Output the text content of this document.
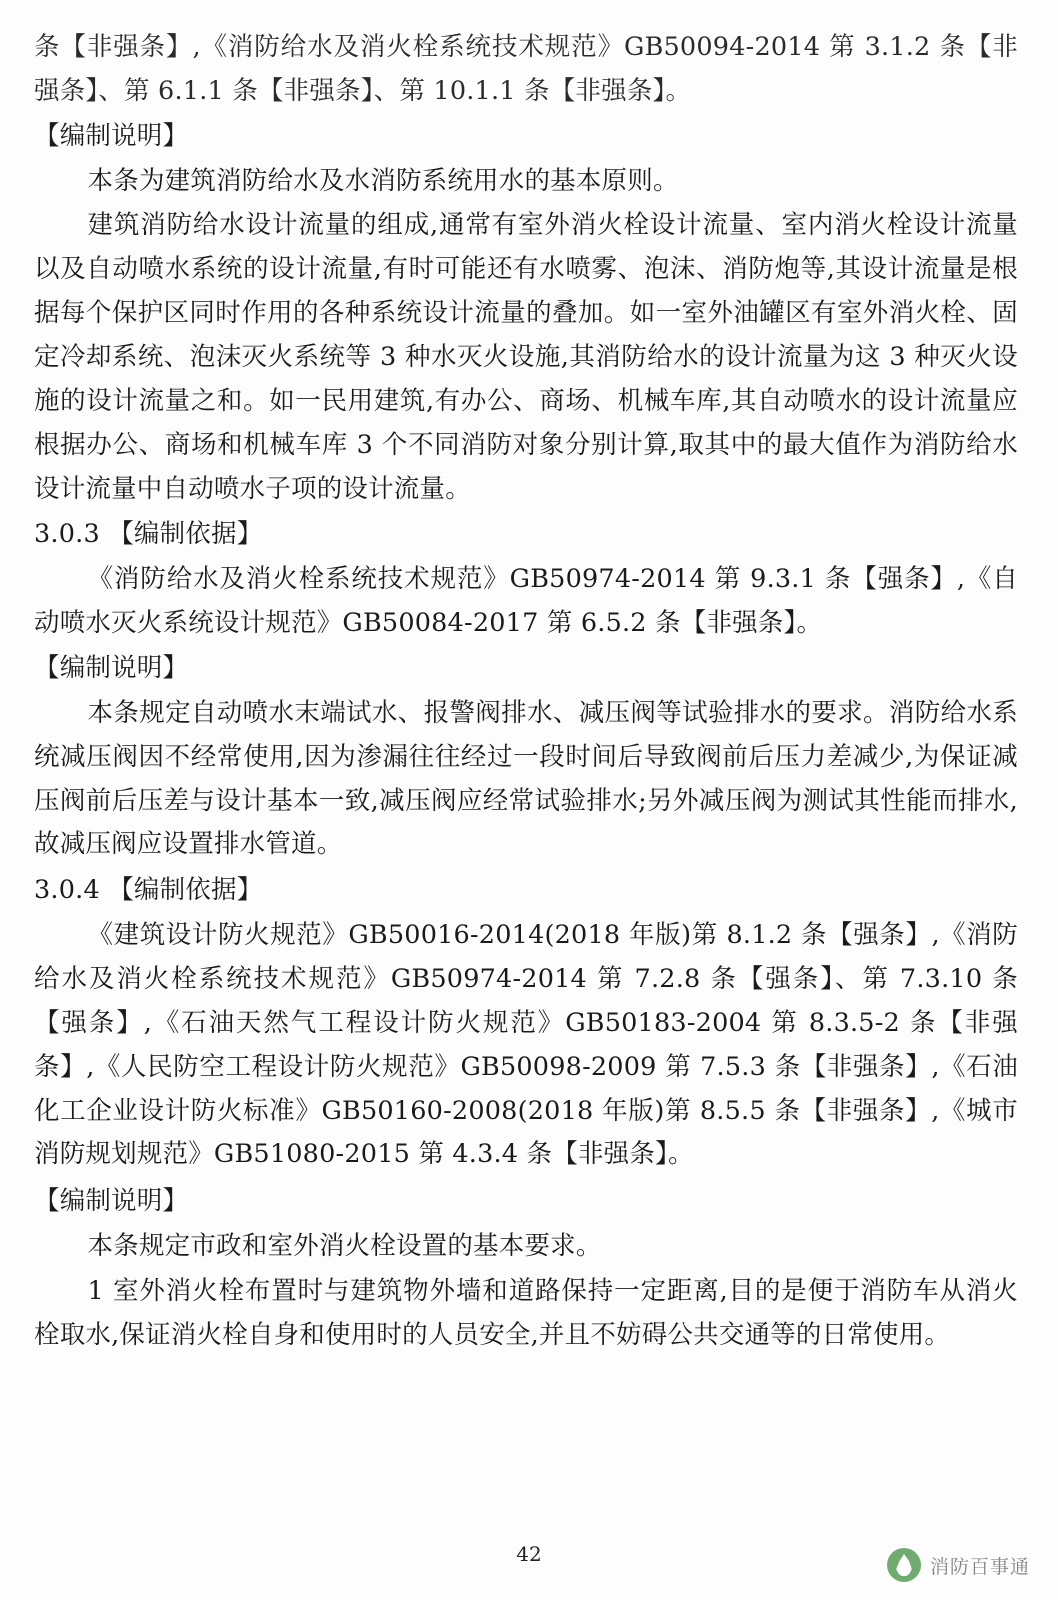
条【非强条】,《消防给水及消火栓系统技术规范》GB50094-2014 第 3.1.2 条【非强条】、第 6.1.1 条【非强条】、第 10.1.1 条【非强条】。

【编制说明】

本条为建筑消防给水及水消防系统用水的基本原则。

建筑消防给水设计流量的组成,通常有室外消火栓设计流量、室内消火栓设计流量以及自动喷水系统的设计流量,有时可能还有水喷雾、泡沫、消防炮等,其设计流量是根据每个保护区同时作用的各种系统设计流量的叠加。如一室外油罐区有室外消火栓、固定冷却系统、泡沫灭火系统等 3 种水灭火设施,其消防给水的设计流量为这 3 种灭火设施的设计流量之和。如一民用建筑,有办公、商场、机械车库,其自动喷水的设计流量应根据办公、商场和机械车库 3 个不同消防对象分别计算,取其中的最大值作为消防给水设计流量中自动喷水子项的设计流量。

3.0.3 【编制依据】

《消防给水及消火栓系统技术规范》GB50974-2014 第 9.3.1 条【强条】,《自动喷水灭火系统设计规范》GB50084-2017 第 6.5.2 条【非强条】。

【编制说明】

本条规定自动喷水末端试水、报警阀排水、减压阀等试验排水的要求。消防给水系统减压阀因不经常使用,因为渗漏往往经过一段时间后导致阀前后压力差减少,为保证减压阀前后压差与设计基本一致,减压阀应经常试验排水;另外减压阀为测试其性能而排水,故减压阀应设置排水管道。

3.0.4 【编制依据】

《建筑设计防火规范》GB50016-2014(2018 年版)第 8.1.2 条【强条】,《消防给水及消火栓系统技术规范》GB50974-2014 第 7.2.8 条【强条】、第 7.3.10 条【强条】,《石油天然气工程设计防火规范》GB50183-2004 第 8.3.5-2 条【非强条】,《人民防空工程设计防火规范》GB50098-2009 第 7.5.3 条【非强条】,《石油化工企业设计防火标准》GB50160-2008(2018 年版)第 8.5.5 条【非强条】,《城市消防规划规范》GB51080-2015 第 4.3.4 条【非强条】。

【编制说明】

本条规定市政和室外消火栓设置的基本要求。

1 室外消火栓布置时与建筑物外墙和道路保持一定距离,目的是便于消防车从消火栓取水,保证消火栓自身和使用时的人员安全,并且不妨碍公共交通等的日常使用。

42
消防百事通
